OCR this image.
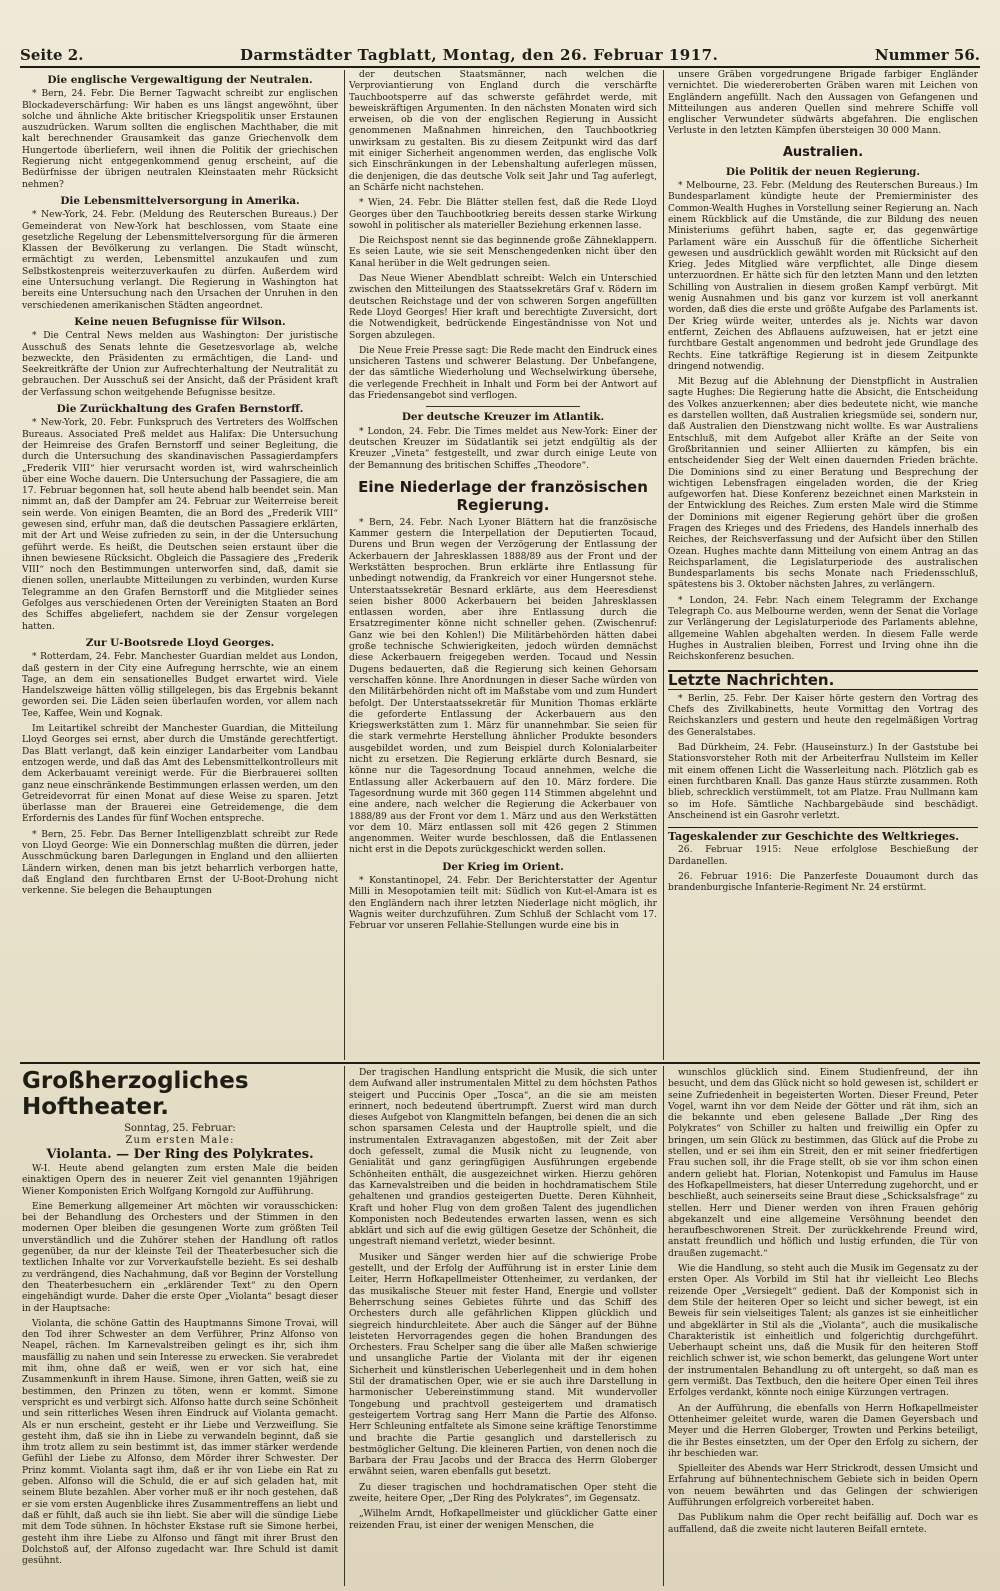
Seite 2.	Darmstädter Tagblatt, Montag, den 26. Februar 1917.	Nummer 56.
Die englische Vergewaltigung der Neutralen.

* Bern, 24. Febr. Die Berner Tagwacht schreibt zur englischen Blockadeverschärfung: Wir haben es uns längst angewöhnt, über solche und ähnliche Akte britischer Kriegspolitik unser Erstaunen auszudrücken. Warum sollten die englischen Machthaber, die mit kalt berechnender Grausamkeit das ganze Griechenvolk dem Hungertode überliefern, weil ihnen die Politik der griechischen Regierung nicht entgegenkommend genug erscheint, auf die Bedürfnisse der übrigen neutralen Kleinstaaten mehr Rücksicht nehmen?

Die Lebensmittelversorgung in Amerika.

* New-York, 24. Febr. (Meldung des Reuterschen Bureaus.) Der Gemeinderat von New-York hat beschlossen, vom Staate eine gesetzliche Regelung der Lebensmittelversorgung für die ärmeren Klassen der Bevölkerung zu verlangen. Die Stadt wünscht, ermächtigt zu werden, Lebensmittel anzukaufen und zum Selbstkostenpreis weiterzuverkaufen zu dürfen. Außerdem wird eine Untersuchung verlangt. Die Regierung in Washington hat bereits eine Untersuchung nach den Ursachen der Unruhen in den verschiedenen amerikanischen Städten angeordnet.

Keine neuen Befugnisse für Wilson.

* Die Central News melden aus Washington: Der juristische Ausschuß des Senats lehnte die Gesetzesvorlage ab, welche bezweckte, den Präsidenten zu ermächtigen, die Land- und Seekreitkräfte der Union zur Aufrechterhaltung der Neutralität zu gebrauchen. Der Ausschuß sei der Ansicht, daß der Präsident kraft der Verfassung schon weitgehende Befugnisse besitze.

Die Zurückhaltung des Grafen Bernstorff.

* New-York, 20. Febr. Funkspruch des Vertreters des Wolffschen Bureaus. Associated Preß meldet aus Halifax: Die Untersuchung der Heimreise des Grafen Bernstorff und seiner Begleitung, die durch die Untersuchung des skandinavischen Passagierdampfers „Frederik VIII“ hier verursacht worden ist, wird wahrscheinlich über eine Woche dauern. Die Untersuchung der Passagiere, die am 17. Februar begonnen hat, soll heute abend halb beendet sein. Man nimmt an, daß der Dampfer am 24. Februar zur Weiterreise bereit sein werde. Von einigen Beamten, die an Bord des „Frederik VIII“ gewesen sind, erfuhr man, daß die deutschen Passagiere erklärten, mit der Art und Weise zufrieden zu sein, in der die Untersuchung geführt werde. Es heißt, die Deutschen seien erstaunt über die ihnen bewiesene Rücksicht. Obgleich die Passagiere des „Frederik VIII“ noch den Bestimmungen unterworfen sind, daß, damit sie dienen sollen, unerlaubte Mitteilungen zu verbinden, wurden Kurse Telegramme an den Grafen Bernstorff und die Mitglieder seines Gefolges aus verschiedenen Orten der Vereinigten Staaten an Bord des Schiffes abgeliefert, nachdem sie der Zensur vorgelegen hatten.

Zur U-Bootsrede Lloyd Georges.

* Rotterdam, 24. Febr. Manchester Guardian meldet aus London, daß gestern in der City eine Aufregung herrschte, wie an einem Tage, an dem ein sensationelles Budget erwartet wird. Viele Handelszweige hätten völlig stillgelegen, bis das Ergebnis bekannt geworden sei. Die Läden seien überlaufen worden, vor allem nach Tee, Kaffee, Wein und Kognak.

Im Leitartikel schreibt der Manchester Guardian, die Mitteilung Lloyd Georges sei ernst, aber durch die Umstände gerechtfertigt. Das Blatt verlangt, daß kein einziger Landarbeiter vom Landbau entzogen werde, und daß das Amt des Lebensmittelkontrolleurs mit dem Ackerbauamt vereinigt werde. Für die Bierbrauerei sollten ganz neue einschränkende Bestimmungen erlassen werden, um den Getreidevorrat für einen Monat auf diese Weise zu sparen. Jetzt überlasse man der Brauerei eine Getreidemenge, die dem Erfordernis des Landes für fünf Wochen entspreche.

* Bern, 25. Febr. Das Berner Intelligenzblatt schreibt zur Rede von Lloyd George: Wie ein Donnerschlag mußten die dürren, jeder Ausschmückung baren Darlegungen in England und den alliierten Ländern wirken, denen man bis jetzt beharrlich verborgen hatte, daß England den furchtbaren Ernst der U-Boot-Drohung nicht verkenne. Sie belegen die Behauptungen

der deutschen Staatsmänner, nach welchen die Verproviantierung von England durch die verschärfte Tauchbootsperre auf das schwerste gefährdet werde, mit beweiskräftigen Argumenten. In den nächsten Monaten wird sich erweisen, ob die von der englischen Regierung in Aussicht genommenen Maßnahmen hinreichen, den Tauchbootkrieg unwirksam zu gestalten. Bis zu diesem Zeitpunkt wird das darf mit einiger Sicherheit angenommen werden, das englische Volk sich Einschränkungen in der Lebenshaltung auferlegen müssen, die denjenigen, die das deutsche Volk seit Jahr und Tag auferlegt, an Schärfe nicht nachstehen.

* Wien, 24. Febr. Die Blätter stellen fest, daß die Rede Lloyd Georges über den Tauchbootkrieg bereits dessen starke Wirkung sowohl in politischer als materieller Beziehung erkennen lasse.

Die Reichspost nennt sie das beginnende große Zähneklappern. Es seien Laute, wie sie seit Menschengedenken nicht über den Kanal herüber in die Welt gedrungen seien.

Das Neue Wiener Abendblatt schreibt: Welch ein Unterschied zwischen den Mitteilungen des Staatssekretärs Graf v. Rödern im deutschen Reichstage und der von schweren Sorgen angefüllten Rede Lloyd Georges! Hier kraft und berechtigte Zuversicht, dort die Notwendigkeit, bedrückende Eingeständnisse von Not und Sorgen abzulegen.

Die Neue Freie Presse sagt: Die Rede macht den Eindruck eines unsicheren Tastens und schwerer Belastung. Der Unbefangene, der das sämtliche Wiederholung und Wechselwirkung übersehe, die verlegende Frechheit in Inhalt und Form bei der Antwort auf das Friedensangebot sind verflogen.

Der deutsche Kreuzer im Atlantik.

* London, 24. Febr. Die Times meldet aus New-York: Einer der deutschen Kreuzer im Südatlantik sei jetzt endgültig als der Kreuzer „Vineta“ festgestellt, und zwar durch einige Leute von der Bemannung des britischen Schiffes „Theodore“.

Eine Niederlage der französischen Regierung.

* Bern, 24. Febr. Nach Lyoner Blättern hat die französische Kammer gestern die Interpellation der Deputierten Tocaud, Durens und Brun wegen der Verzögerung der Entlassung der Ackerbauern der Jahresklassen 1888/89 aus der Front und der Werkstätten besprochen. Brun erklärte ihre Entlassung für unbedingt notwendig, da Frankreich vor einer Hungersnot stehe. Unterstaatssekretär Besnard erklärte, aus dem Heeresdienst seien bisher 8000 Ackerbauern bei beiden Jahresklassen entlassen worden, aber ihre Entlassung durch die Ersatzregimenter könne nicht schneller gehen. (Zwischenruf: Ganz wie bei den Kohlen!) Die Militärbehörden hätten dabei große technische Schwierigkeiten, jedoch würden demnächst diese Ackerbauern freigegeben werden. Tocaud und Nessin Dugens bedauerten, daß die Regierung sich keinen Gehorsam verschaffen könne. Ihre Anordnungen in dieser Sache würden von den Militärbehörden nicht oft im Maßstabe vom und zum Hundert befolgt. Der Unterstaatssekretär für Munition Thomas erklärte die geforderte Entlassung der Ackerbauern aus den Kriegswerkstätten zum 1. März für unannehmbar. Sie seien für die stark vermehrte Herstellung ähnlicher Produkte besonders ausgebildet worden, und zum Beispiel durch Kolonialarbeiter nicht zu ersetzen. Die Regierung erklärte durch Besnard, sie könne nur die Tagesordnung Tocaud annehmen, welche die Entlassung aller Ackerbauern auf den 10. März fordere. Die Tagesordnung wurde mit 360 gegen 114 Stimmen abgelehnt und eine andere, nach welcher die Regierung die Ackerbauer von 1888/89 aus der Front vor dem 1. März und aus den Werkstätten vor dem 10. März entlassen soll mit 426 gegen 2 Stimmen angenommen. Weiter wurde beschlossen, daß die Entlassenen nicht erst in die Depots zurückgeschickt werden sollen.

Der Krieg im Orient.

* Konstantinopel, 24. Febr. Der Berichterstatter der Agentur Milli in Mesopotamien teilt mit: Südlich von Kut-el-Amara ist es den Engländern nach ihrer letzten Niederlage nicht möglich, ihr Wagnis weiter durchzuführen. Zum Schluß der Schlacht vom 17. Februar vor unseren Fellahie-Stellungen wurde eine bis in

unsere Gräben vorgedrungene Brigade farbiger Engländer vernichtet. Die wiedereroberten Gräben waren mit Leichen von Engländern angefüllt. Nach den Aussagen von Gefangenen und Mitteilungen aus anderen Quellen sind mehrere Schiffe voll englischer Verwundeter südwärts abgefahren. Die englischen Verluste in den letzten Kämpfen übersteigen 30 000 Mann.

Australien.
Die Politik der neuen Regierung.

* Melbourne, 23. Febr. (Meldung des Reuterschen Bureaus.) Im Bundesparlament kündigte heute der Premierminister des Common-Wealth Hughes in Vorstellung seiner Regierung an. Nach einem Rückblick auf die Umstände, die zur Bildung des neuen Ministeriums geführt haben, sagte er, das gegenwärtige Parlament wäre ein Ausschuß für die öffentliche Sicherheit gewesen und ausdrücklich gewählt worden mit Rücksicht auf den Krieg. Jedes Mitglied wäre verpflichtet, alle Dinge diesem unterzuordnen. Er hätte sich für den letzten Mann und den letzten Schilling von Australien in diesem großen Kampf verbürgt. Mit wenig Ausnahmen und bis ganz vor kurzem ist voll anerkannt worden, daß dies die erste und größte Aufgabe des Parlaments ist. Der Krieg würde weiter, unterdes als je. Nichts war davon entfernt, Zeichen des Abflauens aufzuweisen, hat er jetzt eine furchtbare Gestalt angenommen und bedroht jede Grundlage des Rechts. Eine tatkräftige Regierung ist in diesem Zeitpunkte dringend notwendig.

Mit Bezug auf die Ablehnung der Dienstpflicht in Australien sagte Hughes: Die Regierung hatte die Absicht, die Entscheidung des Volkes anzuerkennen; aber dies bedeutete nicht, wie manche es darstellen wollten, daß Australien kriegsmüde sei, sondern nur, daß Australien den Dienstzwang nicht wollte. Es war Australiens Entschluß, mit dem Aufgebot aller Kräfte an der Seite von Großbritannien und seiner Alliierten zu kämpfen, bis ein entscheidender Sieg der Welt einen dauernden Frieden brächte. Die Dominions sind zu einer Beratung und Besprechung der wichtigen Lebensfragen eingeladen worden, die der Krieg aufgeworfen hat. Diese Konferenz bezeichnet einen Markstein in der Entwicklung des Reiches. Zum ersten Male wird die Stimme der Dominions mit eigener Regierung gehört über die großen Fragen des Krieges und des Friedens, des Handels innerhalb des Reiches, der Reichsverfassung und der Aufsicht über den Stillen Ozean. Hughes machte dann Mitteilung von einem Antrag an das Reichsparlament, die Legislaturperiode des australischen Bundesparlaments bis sechs Monate nach Friedensschluß, spätestens bis 3. Oktober nächsten Jahres, zu verlängern.

* London, 24. Febr. Nach einem Telegramm der Exchange Telegraph Co. aus Melbourne werden, wenn der Senat die Vorlage zur Verlängerung der Legislaturperiode des Parlaments ablehne, allgemeine Wahlen abgehalten werden. In diesem Falle werde Hughes in Australien bleiben, Forrest und Irving ohne ihn die Reichskonferenz besuchen.

Letzte Nachrichten.

* Berlin, 25. Febr. Der Kaiser hörte gestern den Vortrag des Chefs des Zivilkabinetts, heute Vormittag den Vortrag des Reichskanzlers und gestern und heute den regelmäßigen Vortrag des Generalstabes.

Bad Dürkheim, 24. Febr. (Hauseinsturz.) In der Gaststube bei Stationsvorsteher Roth mit der Arbeiterfrau Nullsteim im Keller mit einem offenen Licht die Wasserleitung nach. Plötzlich gab es einen furchtbaren Knall. Das ganze Haus stürzte zusammen. Roth blieb, schrecklich verstümmelt, tot am Platze. Frau Nullmann kam so im Hofe. Sämtliche Nachbargebäude sind beschädigt. Anscheinend ist ein Gasrohr verletzt.

Tageskalender zur Geschichte des Weltkrieges.

26. Februar 1915: Neue erfolglose Beschießung der Dardanellen.

26. Februar 1916: Die Panzerfeste Douaumont durch das brandenburgische Infanterie-Regiment Nr. 24 erstürmt.

Großherzogliches Hoftheater.
Sonntag, 25. Februar:
Zum ersten Male:
Violanta. — Der Ring des Polykrates.

W-I. Heute abend gelangten zum ersten Male die beiden einaktigen Opern des in neuerer Zeit viel genannten 19jährigen Wiener Komponisten Erich Wolfgang Korngold zur Aufführung.

Eine Bemerkung allgemeiner Art möchten wir vorausschicken: bei der Behandlung des Orchesters und der Stimmen in den modernen Oper bleiben die gesungenen Worte zum größten Teil unverständlich und die Zuhörer stehen der Handlung oft ratlos gegenüber, da nur der kleinste Teil der Theaterbesucher sich die textlichen Inhalte vor zur Vorverkaufstelle bezieht. Es sei deshalb zu verdrängend, dies Nachahmung, daß vor Beginn der Vorstellung den Theaterbesuchern ein „erklärender Text“ zu den Opern eingehändigt wurde. Daher die erste Oper „Violanta“ besagt dieser in der Hauptsache:

Violanta, die schöne Gattin des Hauptmanns Simone Trovai, will den Tod ihrer Schwester an dem Verführer, Prinz Alfonso von Neapel, rächen. Im Karnevalstreiben gelingt es ihr, sich ihm mausfällig zu nahen und sein Interesse zu erwecken. Sie verabredet mit ihm, ohne daß er weiß, wen er vor sich hat, eine Zusammenkunft in ihrem Hause. Simone, ihren Gatten, weiß sie zu bestimmen, den Prinzen zu töten, wenn er kommt. Simone verspricht es und verbirgt sich. Alfonso hatte durch seine Schönheit und sein ritterliches Wesen ihren Eindruck auf Violanta gemacht. Als er nun erscheint, gesteht er ihr Liebe und Verzweiflung. Sie gesteht ihm, daß sie ihn in Liebe zu verwandeln beginnt, daß sie ihm trotz allem zu sein bestimmt ist, das immer stärker werdende Gefühl der Liebe zu Alfonso, dem Mörder ihrer Schwester. Der Prinz kommt. Violanta sagt ihm, daß er ihr von Liebe ein Rat zu geben. Alfonso will die Schuld, die er auf sich geladen hat, mit seinem Blute bezahlen. Aber vorher muß er ihr noch gestehen, daß er sie vom ersten Augenblicke ihres Zusammentreffens an liebt und daß er fühlt, daß auch sie ihn liebt. Sie aber will die sündige Liebe mit dem Tode sühnen. In höchster Ekstase ruft sie Simone herbei, gesteht ihm ihre Liebe zu Alfonso und fängt mit ihrer Brust den Dolchstoß auf, der Alfonso zugedacht war. Ihre Schuld ist damit gesühnt.

Der tragischen Handlung entspricht die Musik, die sich unter dem Aufwand aller instrumentalen Mittel zu dem höchsten Pathos steigert und Puccinis Oper „Tosca“, an die sie am meisten erinnert, noch bedeutend übertrumpft. Zuerst wird man durch dieses Aufgebot von Klangmitteln befangen, bei denen die an sich schon sparsamen Celesta und der Hauptrolle spielt, und die instrumentalen Extravaganzen abgestoßen, mit der Zeit aber doch gefesselt, zumal die Musik nicht zu leugnende, von Genialität und ganz geringfügigen Ausführungen ergebende Schönheiten enthält, die ausgezeichnet wirken. Hierzu gehören das Karnevalstreiben und die beiden in hochdramatischem Stile gehaltenen und grandios gesteigerten Duette. Deren Kühnheit, Kraft und hoher Flug von dem großen Talent des jugendlichen Komponisten noch Bedeutendes erwarten lassen, wenn es sich abklärt und sich auf die ewig gültigen Gesetze der Schönheit, die ungestraft niemand verletzt, wieder besinnt.

Musiker und Sänger werden hier auf die schwierige Probe gestellt, und der Erfolg der Aufführung ist in erster Linie dem Leiter, Herrn Hofkapellmeister Ottenheimer, zu verdanken, der das musikalische Steuer mit fester Hand, Energie und vollster Beherrschung seines Gebietes führte und das Schiff des Orchesters durch alle gefährlichen Klippen glücklich und siegreich hindurchleitete. Aber auch die Sänger auf der Bühne leisteten Hervorragendes gegen die hohen Brandungen des Orchesters. Frau Schelper sang die über alle Maßen schwierige und unsangliche Partie der Violanta mit der ihr eigenen Sicherheit und künstlerischen Ueberlegenheit und in dem hohen Stil der dramatischen Oper, wie er sie auch ihre Darstellung in harmonischer Uebereinstimmung stand. Mit wundervoller Tongebung und prachtvoll gesteigertem und dramatisch gesteigertem Vortrag sang Herr Mann die Partie des Alfonso. Herr Schleuning entfaltete als Simone seine kräftige Tenorstimme und brachte die Partie gesanglich und darstellerisch zu bestmöglicher Geltung. Die kleineren Partien, von denen noch die Barbara der Frau Jacobs und der Bracca des Herrn Globerger erwähnt seien, waren ebenfalls gut besetzt.

Zu dieser tragischen und hochdramatischen Oper steht die zweite, heitere Oper, „Der Ring des Polykrates“, im Gegensatz.

„Wilhelm Arndt, Hofkapellmeister und glücklicher Gatte einer reizenden Frau, ist einer der wenigen Menschen, die

wunschlos glücklich sind. Einem Studienfreund, der ihn besucht, und dem das Glück nicht so hold gewesen ist, schildert er seine Zufriedenheit in begeisterten Worten. Dieser Freund, Peter Vogel, warnt ihn vor dem Neide der Götter und rät ihm, sich an die bekannte und eben gelesene Ballade „Der Ring des Polykrates“ von Schiller zu halten und freiwillig ein Opfer zu bringen, um sein Glück zu bestimmen, das Glück auf die Probe zu stellen, und er sei ihm ein Streit, den er mit seiner friedfertigen Frau suchen soll, ihr die Frage stellt, ob sie vor ihm schon einen andern geliebt hat. Florian, Notenkopist und Famulus im Hause des Hofkapellmeisters, hat dieser Unterredung zugehorcht, und er beschließt, auch seinerseits seine Braut diese „Schicksalsfrage“ zu stellen. Herr und Diener werden von ihren Frauen gehörig abgekanzelt und eine allgemeine Versöhnung beendet den heraufbeschworenen Streit. Der zurückkehrende Freund wird, anstatt freundlich und höflich und lustig erfunden, die Tür von draußen zugemacht.“

Wie die Handlung, so steht auch die Musik im Gegensatz zu der ersten Oper. Als Vorbild im Stil hat ihr vielleicht Leo Blechs reizende Oper „Versiegelt“ gedient. Daß der Komponist sich in dem Stile der heiteren Oper so leicht und sicher bewegt, ist ein Beweis für sein vielseitiges Talent; als ganzes ist sie einheitlicher und abgeklärter in Stil als die „Violanta“, auch die musikalische Charakteristik ist einheitlich und folgerichtig durchgeführt. Ueberhaupt scheint uns, daß die Musik für den heiteren Stoff reichlich schwer ist, wie schon bemerkt, das gelungene Wort unter der instrumentalen Behandlung zu oft untergeht, so daß man es gern vermißt. Das Textbuch, den die heitere Oper einen Teil ihres Erfolges verdankt, könnte noch einige Kürzungen vertragen.

An der Aufführung, die ebenfalls von Herrn Hofkapellmeister Ottenheimer geleitet wurde, waren die Damen Geyersbach und Meyer und die Herren Globerger, Trowten und Perkins beteiligt, die ihr Bestes einsetzten, um der Oper den Erfolg zu sichern, der ihr beschieden war.

Spielleiter des Abends war Herr Strickrodt, dessen Umsicht und Erfahrung auf bühnentechnischem Gebiete sich in beiden Opern von neuem bewährten und das Gelingen der schwierigen Aufführungen erfolgreich vorbereitet haben.

Das Publikum nahm die Oper recht beifällig auf. Doch war es auffallend, daß die zweite nicht lauteren Beifall erntete.
